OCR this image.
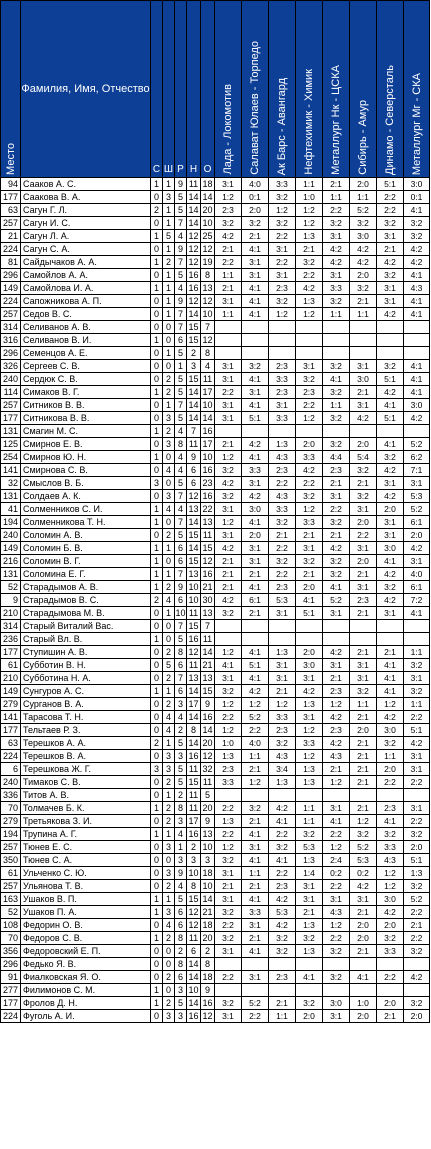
Место	Фамилия, Имя, Отчество	С	Ш	Р	Н	О	Лада - Локомотив	Салават Юлаев - Торпедо	Ак Барс - Авангард	Нефтехимик - Химик	Металлург Нк - ЦСКА	Сибирь - Амур	Динамо - Северсталь	Металлург Мг - СКА

94	Сааков А. С.	1	1	9	11	18	3:1	4:0	3:3	1:1	2:1	2:0	5:1	3:0
177	Саакова В. А.	0	3	5	14	14	1:2	0:1	3:2	1:0	1:1	1:1	2:2	0:1
63	Сагун Г. Л.	2	1	5	14	20	2:3	2:0	1:2	1:2	2:2	5:2	2:2	4:1
257	Сагун И. С.	0	1	7	14	10	3:2	3:2	3:2	1:2	3:2	3:2	3:2	3:2
21	Сагун Л. А.	1	5	4	12	25	4:2	2:1	2:2	1:3	3:1	3:0	3:1	3:2
224	Сагун С. А.	0	1	9	12	12	2:1	4:1	3:1	2:1	4:2	4:2	2:1	4:2
81	Сайдычаков А. А.	1	2	7	12	19	2:2	3:1	2:2	3:2	4:2	4:2	4:2	4:2
296	Самойлов А. А.	0	1	5	16	8	1:1	3:1	3:1	2:2	3:1	2:0	3:2	4:1
149	Самойлова И. А.	1	1	4	16	13	2:1	4:1	2:3	4:2	3:3	3:2	3:1	4:3
224	Сапожникова А. П.	0	1	9	12	12	3:1	4:1	3:2	1:3	3:2	2:1	3:1	4:1
257	Седов В. С.	0	1	7	14	10	1:1	4:1	1:2	1:2	1:1	1:1	4:2	4:1
314	Селиванов А. В.	0	0	7	15	7								
316	Селиванов В. И.	1	0	6	15	12								
296	Семенцов А. Е.	0	1	5	2	8								
326	Сергеев С. В.	0	0	1	3	4	3:1	3:2	2:3	3:1	3:2	3:1	3:2	4:1
240	Сердюк С. В.	0	2	5	15	11	3:1	4:1	3:3	3:2	4:1	3:0	5:1	4:1
114	Симаков В. Г.	1	2	5	14	17	2:2	3:1	2:3	2:3	3:2	2:1	4:2	4:1
257	Ситников В. В.	0	1	7	14	10	3:1	4:1	3:1	2:2	1:1	3:1	4:1	3:0
177	Ситникова В. В.	0	3	5	14	14	3:1	5:1	3:3	1:2	3:2	4:2	5:1	4:2
131	Смагин М. С.	1	2	4	7	16								
125	Смирнов Е. В.	0	3	8	11	17	2:1	4:2	1:3	2:0	3:2	2:0	4:1	5:2
254	Смирнов Ю. Н.	1	0	4	9	10	1:2	4:1	4:3	3:3	4:4	5:4	3:2	6:2
141	Смирнова С. В.	0	4	4	6	16	3:2	3:3	2:3	4:2	2:3	3:2	4:2	7:1
32	Смыслов В. Б.	3	0	5	6	23	4:2	3:1	2:2	2:2	2:1	2:1	3:1	3:1
131	Солдаев А. К.	0	3	7	12	16	3:2	4:2	4:3	3:2	3:1	3:2	4:2	5:3
41	Солменников С. И.	1	4	4	13	22	3:1	3:0	3:3	1:2	2:2	3:1	2:0	5:2
194	Солменникова Т. Н.	1	0	7	14	13	1:2	4:1	3:2	3:3	3:2	2:0	3:1	6:1
240	Соломин А. В.	0	2	5	15	11	3:1	2:0	2:1	2:1	2:1	2:2	3:1	2:0
149	Соломин Б. В.	1	1	6	14	15	4:2	3:1	2:2	3:1	4:2	3:1	3:0	4:2
216	Соломин В. Г.	1	0	6	15	12	2:1	3:1	3:2	3:2	3:2	2:0	4:1	3:1
131	Соломина Е. Г.	1	1	7	13	16	2:1	2:1	2:2	2:1	3:2	2:1	4:2	4:0
52	Старадымов А. В.	1	2	9	10	21	2:1	4:1	2:3	2:0	4:1	3:1	3:2	6:1
9	Старадымов В. С.	2	4	6	10	30	4:2	6:1	5:3	4:1	5:2	2:3	4:2	7:2
210	Старадымова М. В.	0	1	10	11	13	3:2	2:1	3:1	5:1	3:1	2:1	3:1	4:1
314	Старый Виталий Вас.	0	0	7	15	7								
236	Старый Вл. В.	1	0	5	16	11								
177	Ступишин А. В.	0	2	8	12	14	1:2	4:1	1:3	2:0	4:2	2:1	2:1	1:1
61	Субботин В. Н.	0	5	6	11	21	4:1	5:1	3:1	3:0	3:1	3:1	4:1	3:2
210	Субботина Н. А.	0	2	7	13	13	3:1	4:1	3:1	3:1	2:1	3:1	4:1	3:1
149	Сунгуров А. С.	1	1	6	14	15	3:2	4:2	2:1	4:2	2:3	3:2	4:1	3:2
279	Сурганов В. А.	0	2	3	17	9	1:2	1:2	1:2	1:3	1:2	1:1	1:2	1:1
141	Тарасова Т. Н.	0	4	4	14	16	2:2	5:2	3:3	3:1	4:2	2:1	4:2	2:2
177	Тельтаев Р. З.	0	4	2	8	14	1:2	2:2	2:3	1:2	2:3	2:0	3:0	5:1
63	Терешков А. А.	2	1	5	14	20	1:0	4:0	3:2	3:3	4:2	2:1	3:2	4:2
224	Терешков В. А.	0	3	3	16	12	1:3	1:1	4:3	1:2	4:3	2:1	1:1	3:1
6	Терешкова Ж. Г.	3	3	5	11	32	2:3	2:1	3:4	1:3	2:1	2:1	2:0	3:1
240	Тимаков С. В.	0	2	5	15	11	3:3	1:2	1:3	1:3	1:2	2:1	2:2	2:2
336	Титов А. В.	0	1	2	11	5								
70	Толмачев Б. К.	1	2	8	11	20	2:2	3:2	4:2	1:1	3:1	2:1	2:3	3:1
279	Третьякова З. И.	0	2	3	17	9	1:3	2:1	4:1	1:1	4:1	1:2	4:1	2:2
194	Трупина А. Г.	1	1	4	16	13	2:2	4:1	2:2	3:2	2:2	3:2	3:2	3:2
257	Тюнев Е. С.	0	3	1	2	10	1:2	3:1	3:2	5:3	1:2	5:2	3:3	2:0
350	Тюнев С. А.	0	0	3	3	3	3:2	4:1	4:1	1:3	2:4	5:3	4:3	5:1
61	Ульченко С. Ю.	0	3	9	10	18	3:1	1:1	2:2	1:4	0:2	0:2	1:2	1:3
257	Ульянова Т. В.	0	2	4	8	10	2:1	2:1	2:3	3:1	2:2	4:2	1:2	3:2
163	Ушаков В. П.	1	1	5	15	14	3:1	4:1	4:2	3:1	3:1	3:1	3:0	5:2
52	Ушаков П. А.	1	3	6	12	21	3:2	3:3	5:3	2:1	4:3	2:1	4:2	2:2
108	Федорин О. В.	0	4	6	12	18	2:2	3:1	4:2	1:3	1:2	2:0	2:0	2:1
70	Федоров С. В.	1	2	8	11	20	3:2	2:1	3:2	3:2	2:2	2:0	3:2	2:2
356	Федоровский Е. П.	0	0	2	6	2	3:1	4:1	3:2	1:3	3:2	2:1	3:3	3:2
296	Федько Я. В.	0	0	8	14	8								
91	Фиалковская Я. О.	0	2	6	14	18	2:2	3:1	2:3	4:1	3:2	4:1	2:2	4:2
277	Филимонов С. М.	1	0	3	10	9								
177	Фролов Д. Н.	1	2	5	14	16	3:2	5:2	2:1	3:2	3:0	1:0	2:0	3:2
224	Фуголь А. И.	0	3	3	16	12	3:1	2:2	1:1	2:0	3:1	2:0	2:1	2:0
